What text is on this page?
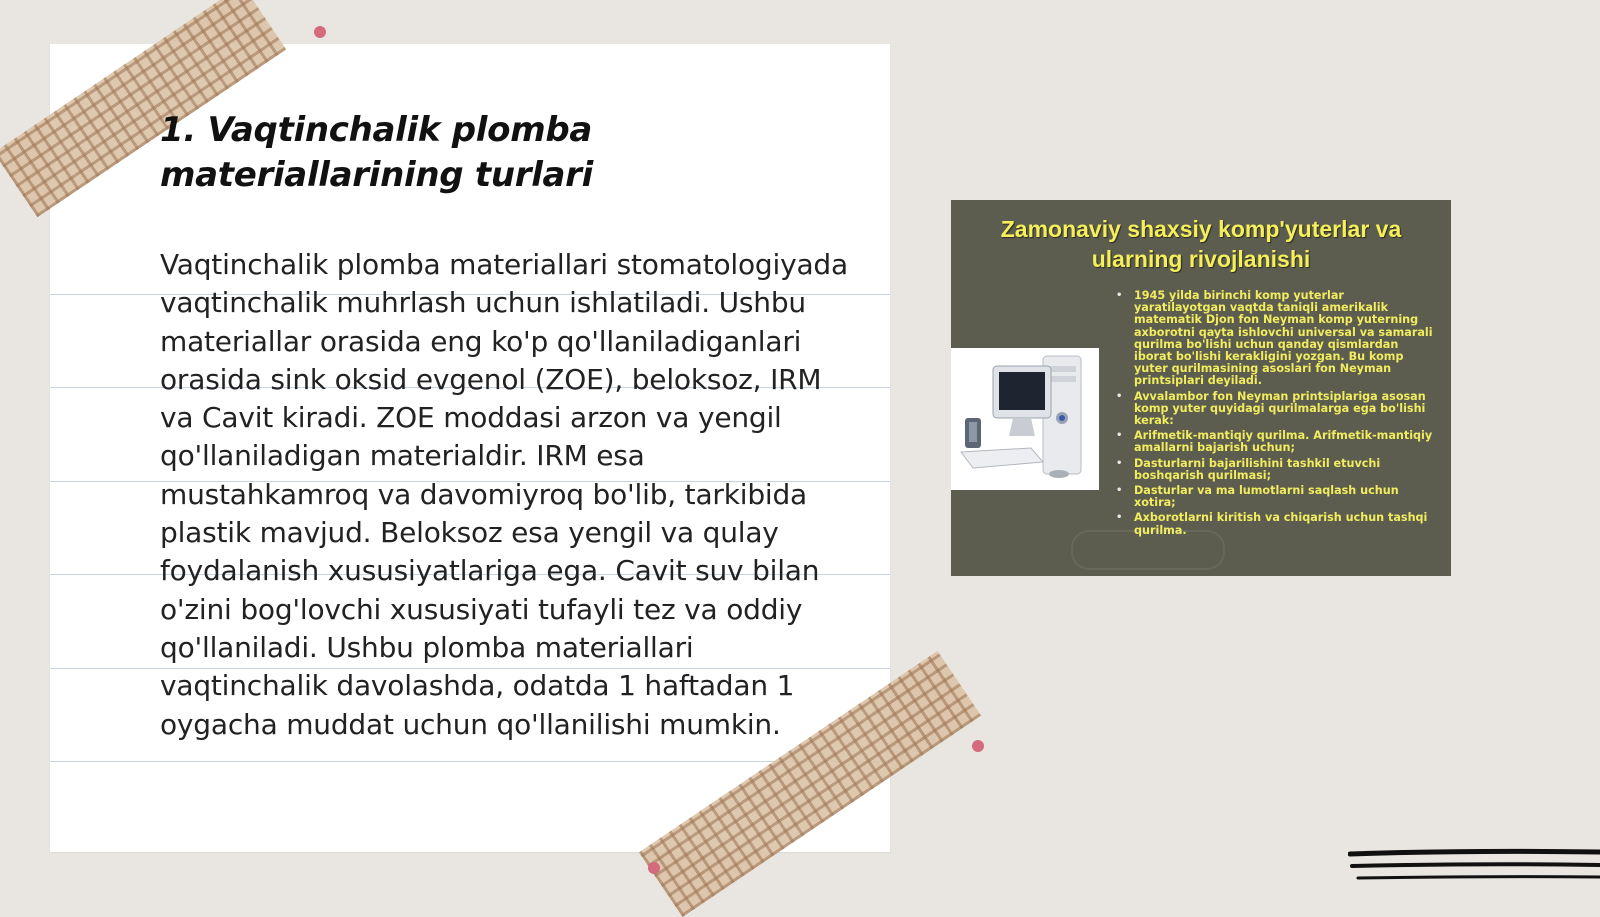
1. Vaqtinchalik plomba materiallarining turlari

Vaqtinchalik plomba materiallari stomatologiyada vaqtinchalik muhrlash uchun ishlatiladi. Ushbu materiallar orasida eng ko'p qo'llaniladiganlari orasida sink oksid evgenol (ZOE), beloksoz, IRM va Cavit kiradi. ZOE moddasi arzon va yengil qo'llaniladigan materialdir. IRM esa mustahkamroq va davomiyroq bo'lib, tarkibida plastik mavjud. Beloksoz esa yengil va qulay foydalanish xususiyatlariga ega. Cavit suv bilan o'zini bog'lovchi xususiyati tufayli tez va oddiy qo'llaniladi. Ushbu plomba materiallari vaqtinchalik davolashda, odatda 1 haftadan 1 oygacha muddat uchun qo'llanilishi mumkin.

Zamonaviy shaxsiy komp'yuterlar va ularning rivojlanishi
• 1945 yilda birinchi komp yuterlar yaratilayotgan vaqtda taniqli amerikalik matematik Djon fon Neyman komp yuterning axborotni qayta ishlovchi universal va samarali qurilma bo'lishi uchun qanday qismlardan iborat bo'lishi kerakligini yozgan. Bu komp yuter qurilmasining asoslari fon Neyman printsiplari deyiladi.
• Avvalambor fon Neyman printsiplariga asosan komp yuter quyidagi qurilmalarga ega bo'lishi kerak:
• Arifmetik-mantiqiy qurilma. Arifmetik-mantiqiy amallarni bajarish uchun;
• Dasturlarni bajarilishini tashkil etuvchi boshqarish qurilmasi;
• Dasturlar va ma lumotlarni saqlash uchun xotira;
• Axborotlarni kiritish va chiqarish uchun tashqi qurilma.
